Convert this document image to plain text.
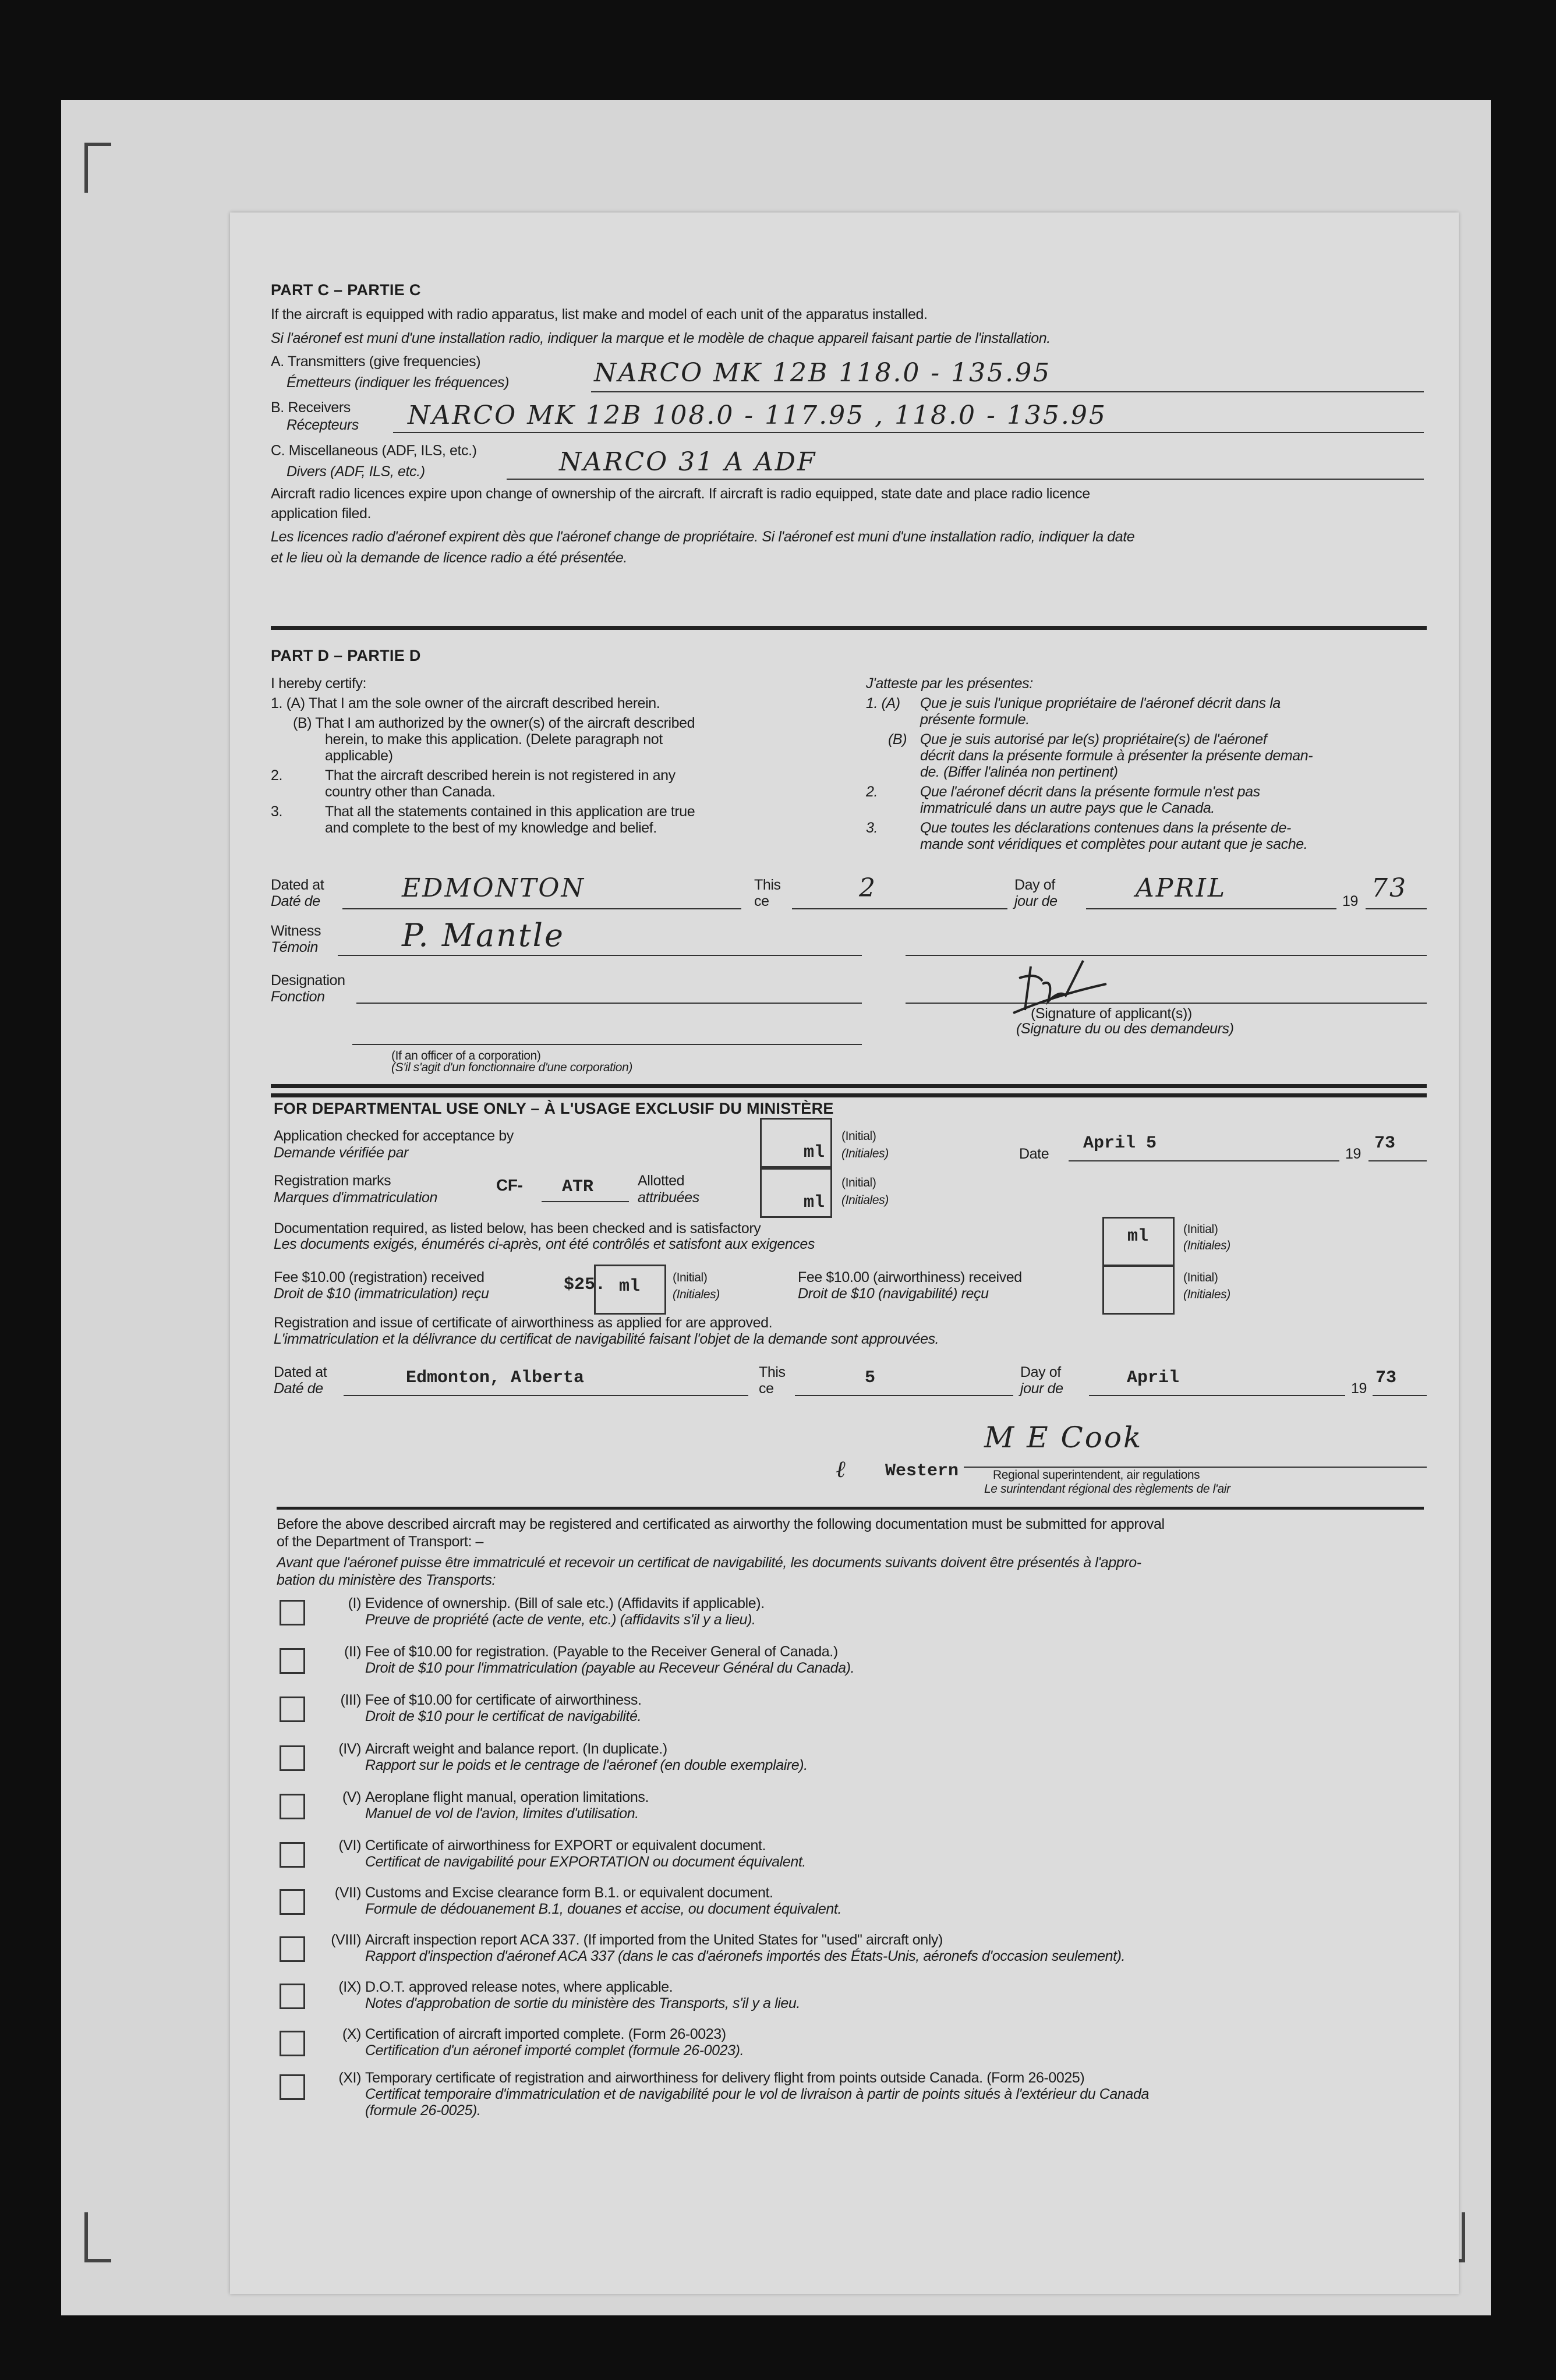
PART C – PARTIE C
If the aircraft is equipped with radio apparatus, list make and model of each unit of the apparatus installed.
Si l'aéronef est muni d'une installation radio, indiquer la marque et le modèle de chaque appareil faisant partie de l'installation.
A. Transmitters (give frequencies)
Émetteurs (indiquer les fréquences)	NARCO MK 12B 118.0 - 135.95
B. Receivers
Récepteurs NARCO MK 12B 108.0 - 117.95 , 118.0 - 135.95
C. Miscellaneous (ADF, ILS, etc.)
Divers (ADF, ILS, etc.)	NARCO 31 A ADF
Aircraft radio licences expire upon change of ownership of the aircraft. If aircraft is radio equipped, state date and place radio licence
application filed.
Les licences radio d'aéronef expirent dès que l'aéronef change de propriétaire. Si l'aéronef est muni d'une installation radio, indiquer la date
et le lieu où la demande de licence radio a été présentée.
PART D – PARTIE D
I hereby certify:
1. (A) That I am the sole owner of the aircraft described herein.
(B) That I am authorized by the owner(s) of the aircraft described
herein, to make this application. (Delete paragraph not
applicable)
2.	That the aircraft described herein is not registered in any
country other than Canada.
3.	That all the statements contained in this application are true
and complete to the best of my knowledge and belief.
J'atteste par les présentes:
1. (A) Que je suis l'unique propriétaire de l'aéronef décrit dans la
présente formule.
(B) Que je suis autorisé par le(s) propriétaire(s) de l'aéronef
décrit dans la présente formule à présenter la présente deman-
de. (Biffer l'alinéa non pertinent)
2.	Que l'aéronef décrit dans la présente formule n'est pas
immatriculé dans un autre pays que le Canada.
3.	Que toutes les déclarations contenues dans la présente de-
mande sont véridiques et complètes pour autant que je sache.
Dated at
Daté de	EDMONTON	This
ce	2	Day of
jour de	APRIL	19 73
Witness
Témoin	P. Mantle
Designation
Fonction
(Signature of applicant(s))
(Signature du ou des demandeurs)
(If an officer of a corporation)
(S'il s'agit d'un fonctionnaire d'une corporation)
FOR DEPARTMENTAL USE ONLY – À L'USAGE EXCLUSIF DU MINISTÈRE
Application checked for acceptance by
Demande vérifiée par	ml
(Initial)
(Initiales)	Date
April 5
19
73
Registration marks
Marques d'immatriculation
CF- ATR	Allotted
attribuées	ml
(Initial)
(Initiales)
Documentation required, as listed below, has been checked and is satisfactory
Les documents exigés, énumérés ci-après, ont été contrôlés et satisfont aux exigences	ml	(Initial)
(Initiales)
Fee $10.00 (registration) received
Droit de $10 (immatriculation) reçu	$25. ml	(Initial)
(Initiales)
Fee $10.00 (airworthiness) received
Droit de $10 (navigabilité) reçu
(Initial)
(Initiales)
Registration and issue of certificate of airworthiness as applied for are approved.
L'immatriculation et la délivrance du certificat de navigabilité faisant l'objet de la demande sont approuvées.
Dated at
Daté de
Edmonton, Alberta	This
ce
5	Day of
jour de
April
19
73
M E Cook
ℓ Western	Regional superintendent, air regulations
Le surintendant régional des règlements de l'air
Before the above described aircraft may be registered and certificated as airworthy the following documentation must be submitted for approval
of the Department of Transport: –
Avant que l'aéronef puisse être immatriculé et recevoir un certificat de navigabilité, les documents suivants doivent être présentés à l'appro-
bation du ministère des Transports:
(I) Evidence of ownership. (Bill of sale etc.) (Affidavits if applicable).
Preuve de propriété (acte de vente, etc.) (affidavits s'il y a lieu).
(II) Fee of $10.00 for registration. (Payable to the Receiver General of Canada.)
Droit de $10 pour l'immatriculation (payable au Receveur Général du Canada).
(III) Fee of $10.00 for certificate of airworthiness.
Droit de $10 pour le certificat de navigabilité.
(IV) Aircraft weight and balance report. (In duplicate.)
Rapport sur le poids et le centrage de l'aéronef (en double exemplaire).
(V) Aeroplane flight manual, operation limitations.
Manuel de vol de l'avion, limites d'utilisation.
(VI) Certificate of airworthiness for EXPORT or equivalent document.
Certificat de navigabilité pour EXPORTATION ou document équivalent.
(VII) Customs and Excise clearance form B.1. or equivalent document.
Formule de dédouanement B.1, douanes et accise, ou document équivalent.
(VIII) Aircraft inspection report ACA 337. (If imported from the United States for "used" aircraft only)
Rapport d'inspection d'aéronef ACA 337 (dans le cas d'aéronefs importés des États-Unis, aéronefs d'occasion seulement).
(IX) D.O.T. approved release notes, where applicable.
Notes d'approbation de sortie du ministère des Transports, s'il y a lieu.
(X) Certification of aircraft imported complete. (Form 26-0023)
Certification d'un aéronef importé complet (formule 26-0023).
(XI) Temporary certificate of registration and airworthiness for delivery flight from points outside Canada. (Form 26-0025)
Certificat temporaire d'immatriculation et de navigabilité pour le vol de livraison à partir de points situés à l'extérieur du Canada
(formule 26-0025).
